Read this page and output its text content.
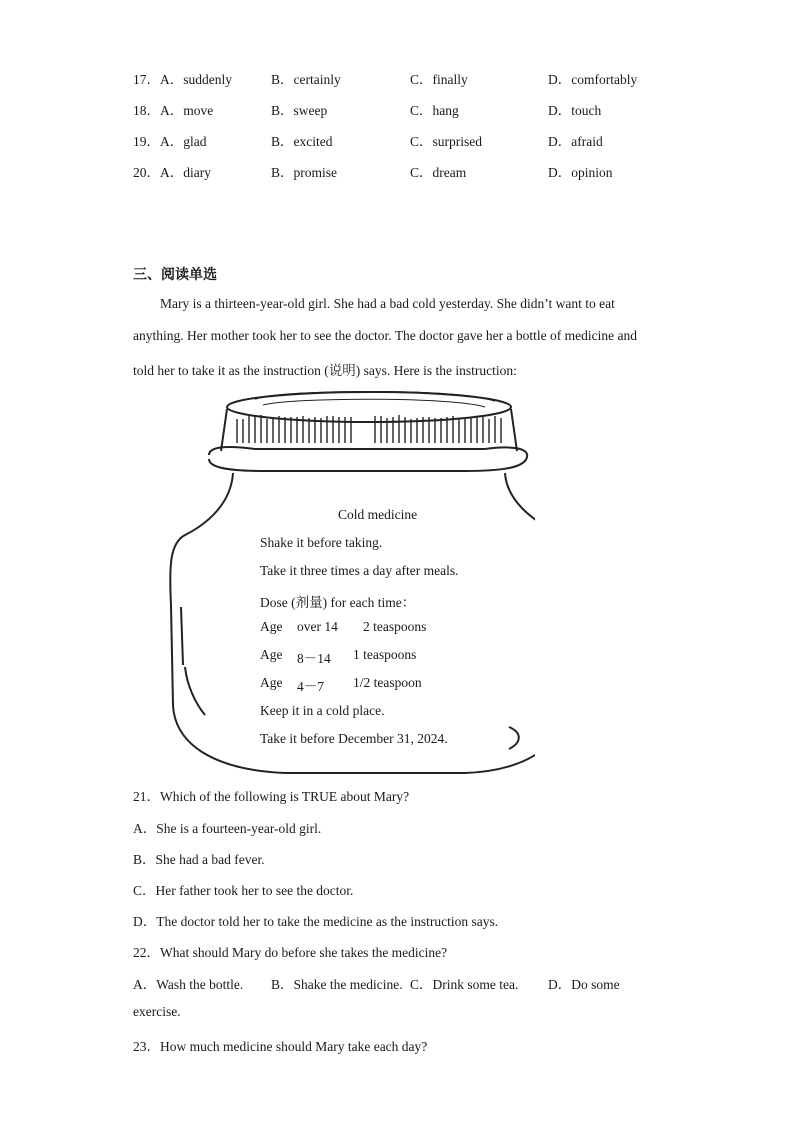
17．A．suddenly	B．certainly	C．finally	D．comfortably
18．A．move	B．sweep	C．hang	D．touch
19．A．glad	B．excited	C．surprised	D．afraid
20．A．diary	B．promise	C．dream	D．opinion
三、阅读单选
Mary is a thirteen-year-old girl. She had a bad cold yesterday. She didn’t want to eat
anything. Her mother took her to see the doctor. The doctor gave her a bottle of medicine and
told her to take it as the instruction (说明) says. Here is the instruction:
Cold medicine
Shake it before taking.
Take it three times a day after meals.
Dose (剂量) for each time：
Age over 14 2 teaspoons
Age 8－14 1 teaspoons
Age 4－7 1/2 teaspoon
Keep it in a cold place.
Take it before December 31, 2024.
21．Which of the following is TRUE about Mary?
A．She is a fourteen-year-old girl.
B．She had a bad fever.
C．Her father took her to see the doctor.
D．The doctor told her to take the medicine as the instruction says.
22．What should Mary do before she takes the medicine?
A．Wash the bottle. B．Shake the medicine. C．Drink some tea. D．Do some
exercise.
23．How much medicine should Mary take each day?
